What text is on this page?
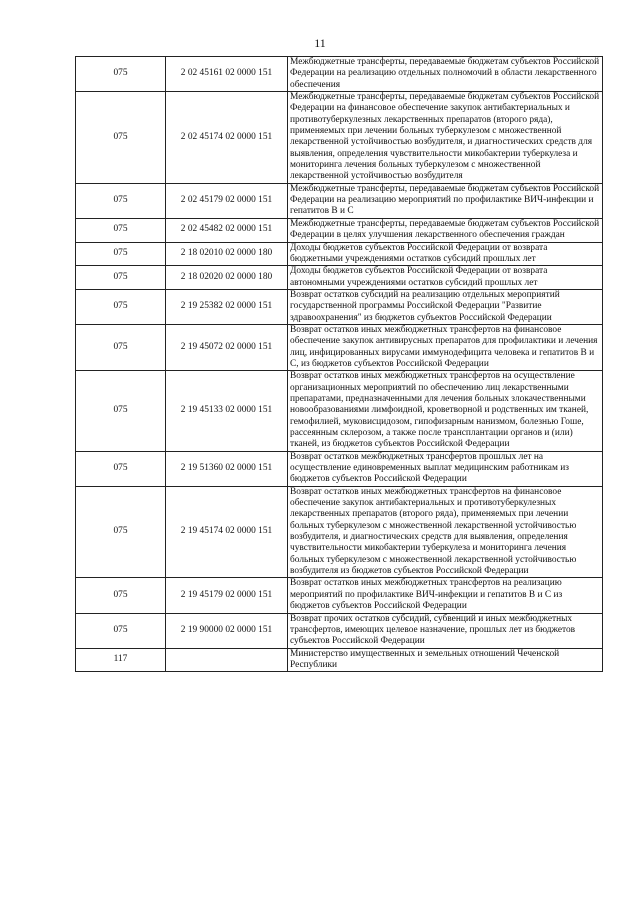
11
075	2 02 45161 02 0000 151	Межбюджетные трансферты, передаваемые бюджетам субъектов Российской Федерации на реализацию отдельных полномочий в области лекарственного обеспечения
075	2 02 45174 02 0000 151	Межбюджетные трансферты, передаваемые бюджетам субъектов Российской Федерации на финансовое обеспечение закупок антибактериальных и противотуберкулезных лекарственных препаратов (второго ряда), применяемых при лечении больных туберкулезом с множественной лекарственной устойчивостью возбудителя, и диагностических средств для выявления, определения чувствительности микобактерии туберкулеза и мониторинга лечения больных туберкулезом с множественной лекарственной устойчивостью возбудителя
075	2 02 45179 02 0000 151	Межбюджетные трансферты, передаваемые бюджетам субъектов Российской Федерации на реализацию мероприятий по профилактике ВИЧ-инфекции и гепатитов В и С
075	2 02 45482 02 0000 151	Межбюджетные трансферты, передаваемые бюджетам субъектов Российской Федерации в целях улучшения лекарственного обеспечения граждан
075	2 18 02010 02 0000 180	Доходы бюджетов субъектов Российской Федерации от возврата бюджетными учреждениями остатков субсидий прошлых лет
075	2 18 02020 02 0000 180	Доходы бюджетов субъектов Российской Федерации от возврата автономными учреждениями остатков субсидий прошлых лет
075	2 19 25382 02 0000 151	Возврат остатков субсидий на реализацию отдельных мероприятий государственной программы Российской Федерации "Развитие здравоохранения" из бюджетов субъектов Российской Федерации
075	2 19 45072 02 0000 151	Возврат остатков иных межбюджетных трансфертов на финансовое обеспечение закупок антивирусных препаратов для профилактики и лечения лиц, инфицированных вирусами иммунодефицита человека и гепатитов В и С, из бюджетов субъектов Российской Федерации
075	2 19 45133 02 0000 151	Возврат остатков иных межбюджетных трансфертов на осуществление организационных мероприятий по обеспечению лиц лекарственными препаратами, предназначенными для лечения больных злокачественными новообразованиями лимфоидной, кроветворной и родственных им тканей, гемофилией, муковисцидозом, гипофизарным нанизмом, болезнью Гоше, рассеянным склерозом, а также после трансплантации органов и (или) тканей, из бюджетов субъектов Российской Федерации
075	2 19 51360 02 0000 151	Возврат остатков межбюджетных трансфертов прошлых лет на осуществление единовременных выплат медицинским работникам из бюджетов субъектов Российской Федерации
075	2 19 45174 02 0000 151	Возврат остатков иных межбюджетных трансфертов на финансовое обеспечение закупок антибактериальных и противотуберкулезных лекарственных препаратов (второго ряда), применяемых при лечении больных туберкулезом с множественной лекарственной устойчивостью возбудителя, и диагностических средств для выявления, определения чувствительности микобактерии туберкулеза и мониторинга лечения больных туберкулезом с множественной лекарственной устойчивостью возбудителя из бюджетов субъектов Российской Федерации
075	2 19 45179 02 0000 151	Возврат остатков иных межбюджетных трансфертов на реализацию мероприятий по профилактике ВИЧ-инфекции и гепатитов В и С из бюджетов субъектов Российской Федерации
075	2 19 90000 02 0000 151	Возврат прочих остатков субсидий, субвенций и иных межбюджетных трансфертов, имеющих целевое назначение, прошлых лет из бюджетов субъектов Российской Федерации
117		Министерство имущественных и земельных отношений Чеченской Республики
